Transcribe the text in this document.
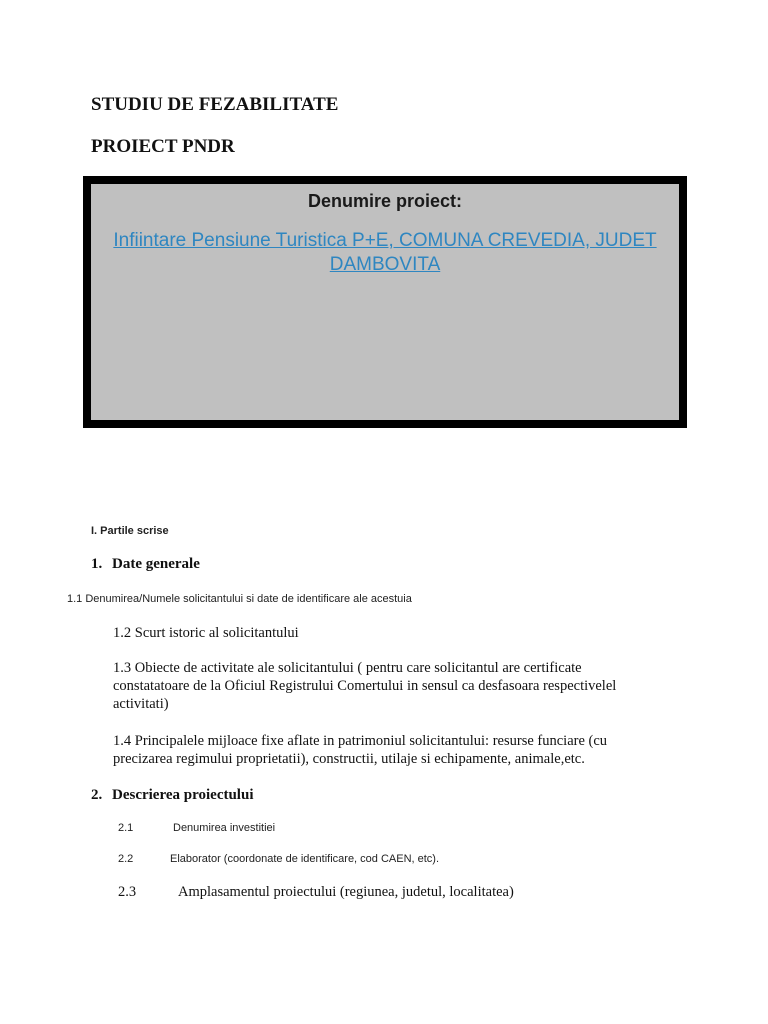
STUDIU DE FEZABILITATE
PROIECT PNDR
Denumire proiect:
Infiintare Pensiune Turistica P+E, COMUNA CREVEDIA, JUDET DAMBOVITA
I. Partile scrise
1. Date generale
1.1 Denumirea/Numele solicitantului si date de identificare ale acestuia
1.2 Scurt istoric al solicitantului
1.3 Obiecte de activitate ale solicitantului ( pentru care solicitantul are certificate constatatoare de la Oficiul Registrului Comertului in sensul ca desfasoara respectivelel activitati)
1.4 Principalele mijloace fixe aflate in patrimoniul solicitantului: resurse funciare (cu precizarea regimului proprietatii), constructii, utilaje si echipamente, animale,etc.
2. Descrierea proiectului
2.1	Denumirea investitiei
2.2	Elaborator (coordonate de identificare, cod CAEN, etc).
2.3	Amplasamentul proiectului (regiunea, judetul, localitatea)
